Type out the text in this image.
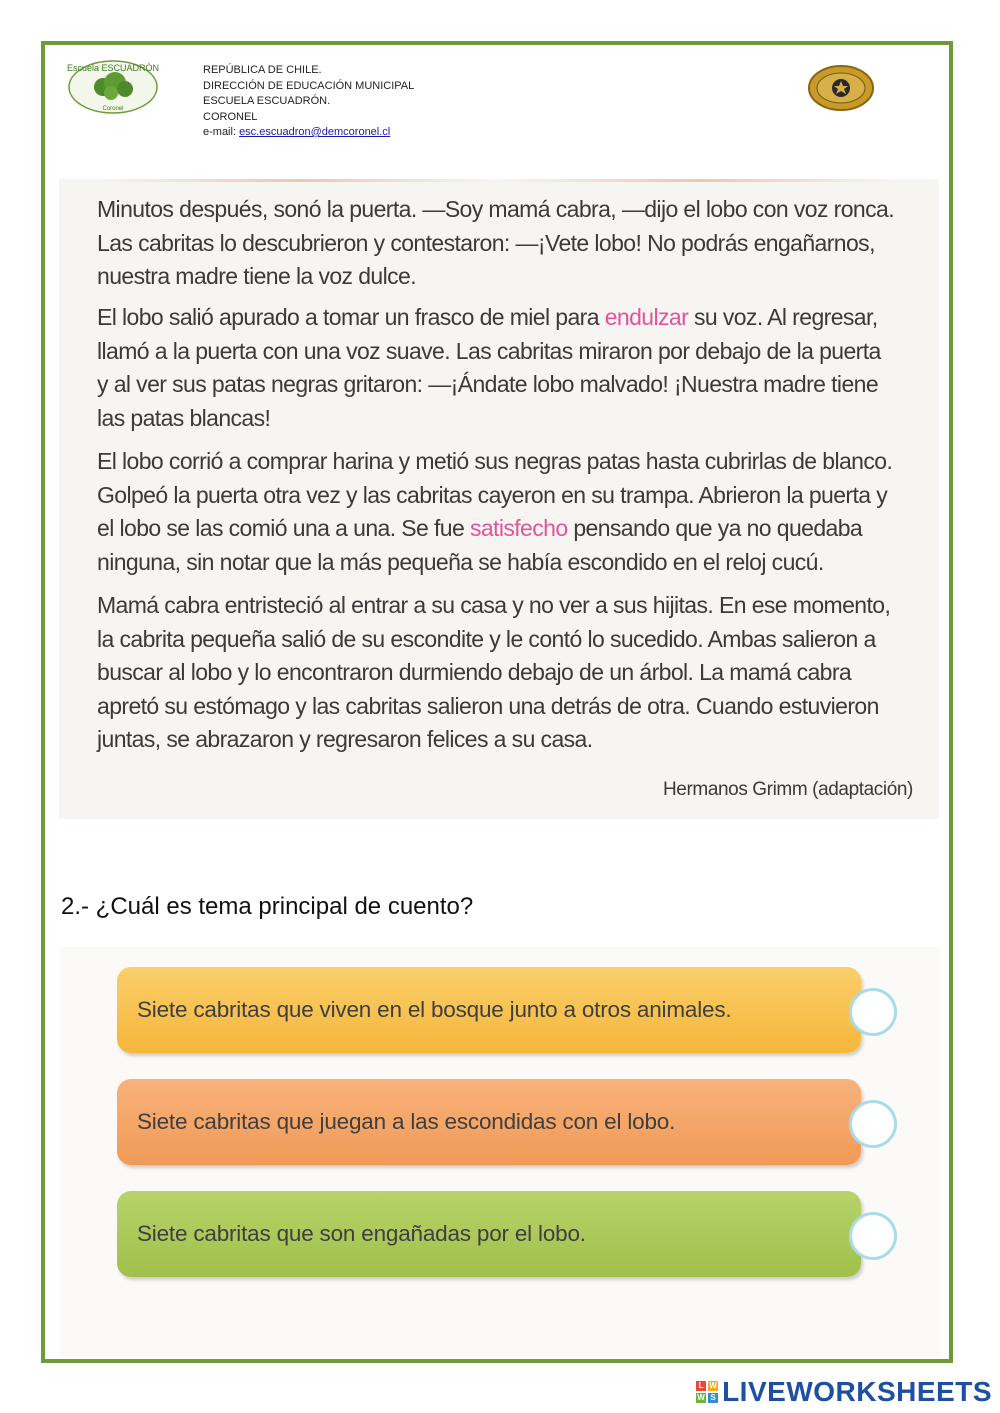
Escuela ESCUADRÓN
Coronel
REPÚBLICA DE CHILE.
DIRECCIÓN DE EDUCACIÓN MUNICIPAL
ESCUELA ESCUADRÓN.
CORONEL
e-mail: esc.escuadron@demcoronel.cl

Minutos después, sonó la puerta. —Soy mamá cabra, —dijo el lobo con voz ronca. Las cabritas lo descubrieron y contestaron: —¡Vete lobo! No podrás engañarnos, nuestra madre tiene la voz dulce.

El lobo salió apurado a tomar un frasco de miel para endulzar su voz. Al regresar, llamó a la puerta con una voz suave. Las cabritas miraron por debajo de la puerta y al ver sus patas negras gritaron: —¡Ándate lobo malvado! ¡Nuestra madre tiene las patas blancas!

El lobo corrió a comprar harina y metió sus negras patas hasta cubrirlas de blanco. Golpeó la puerta otra vez y las cabritas cayeron en su trampa. Abrieron la puerta y el lobo se las comió una a una. Se fue satisfecho pensando que ya no quedaba ninguna, sin notar que la más pequeña se había escondido en el reloj cucú.

Mamá cabra entristeció al entrar a su casa y no ver a sus hijitas. En ese momento, la cabrita pequeña salió de su escondite y le contó lo sucedido. Ambas salieron a buscar al lobo y lo encontraron durmiendo debajo de un árbol. La mamá cabra apretó su estómago y las cabritas salieron una detrás de otra. Cuando estuvieron juntas, se abrazaron y regresaron felices a su casa.

Hermanos Grimm (adaptación)
2.- ¿Cuál es tema principal de cuento?
Siete cabritas que viven en el bosque junto a otros animales.
Siete cabritas que juegan a las escondidas con el lobo.
Siete cabritas que son engañadas por el lobo.
L W
W S LIVEWORKSHEETS
